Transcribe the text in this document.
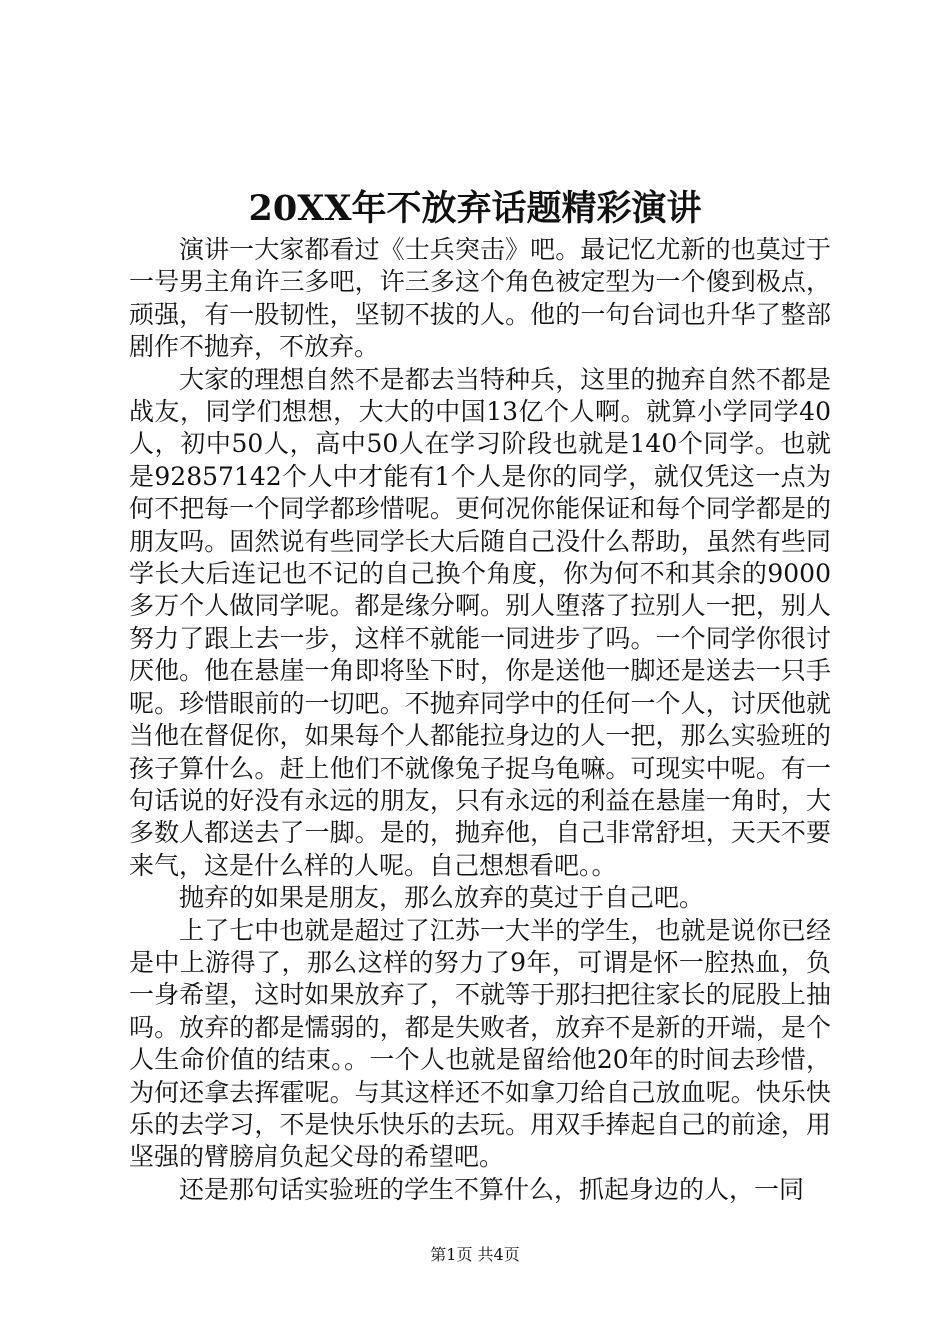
20XX年不放弃话题精彩演讲

演讲一大家都看过《士兵突击》吧。最记忆尤新的也莫过于一号男主角许三多吧，许三多这个角色被定型为一个傻到极点，顽强，有一股韧性，坚韧不拔的人。他的一句台词也升华了整部剧作不抛弃，不放弃。

大家的理想自然不是都去当特种兵，这里的抛弃自然不都是战友，同学们想想，大大的中国13亿个人啊。就算小学同学40人，初中50人，高中50人在学习阶段也就是140个同学。也就是92857142个人中才能有1个人是你的同学，就仅凭这一点为何不把每一个同学都珍惜呢。更何况你能保证和每个同学都是的朋友吗。固然说有些同学长大后随自己没什么帮助，虽然有些同学长大后连记也不记的自己换个角度，你为何不和其余的9000多万个人做同学呢。都是缘分啊。别人堕落了拉别人一把，别人努力了跟上去一步，这样不就能一同进步了吗。一个同学你很讨厌他。他在悬崖一角即将坠下时，你是送他一脚还是送去一只手呢。珍惜眼前的一切吧。不抛弃同学中的任何一个人，讨厌他就当他在督促你，如果每个人都能拉身边的人一把，那么实验班的孩子算什么。赶上他们不就像兔子捉乌龟嘛。可现实中呢。有一句话说的好没有永远的朋友，只有永远的利益在悬崖一角时，大多数人都送去了一脚。是的，抛弃他，自己非常舒坦，天天不要来气，这是什么样的人呢。自己想想看吧。。

抛弃的如果是朋友，那么放弃的莫过于自己吧。

上了七中也就是超过了江苏一大半的学生，也就是说你已经是中上游得了，那么这样的努力了9年，可谓是怀一腔热血，负一身希望，这时如果放弃了，不就等于那扫把往家长的屁股上抽吗。放弃的都是懦弱的，都是失败者，放弃不是新的开端，是个人生命价值的结束。。一个人也就是留给他20年的时间去珍惜，为何还拿去挥霍呢。与其这样还不如拿刀给自己放血呢。快乐快乐的去学习，不是快乐快乐的去玩。用双手捧起自己的前途，用坚强的臂膀肩负起父母的希望吧。

还是那句话实验班的学生不算什么，抓起身边的人，一同

第1页 共4页
